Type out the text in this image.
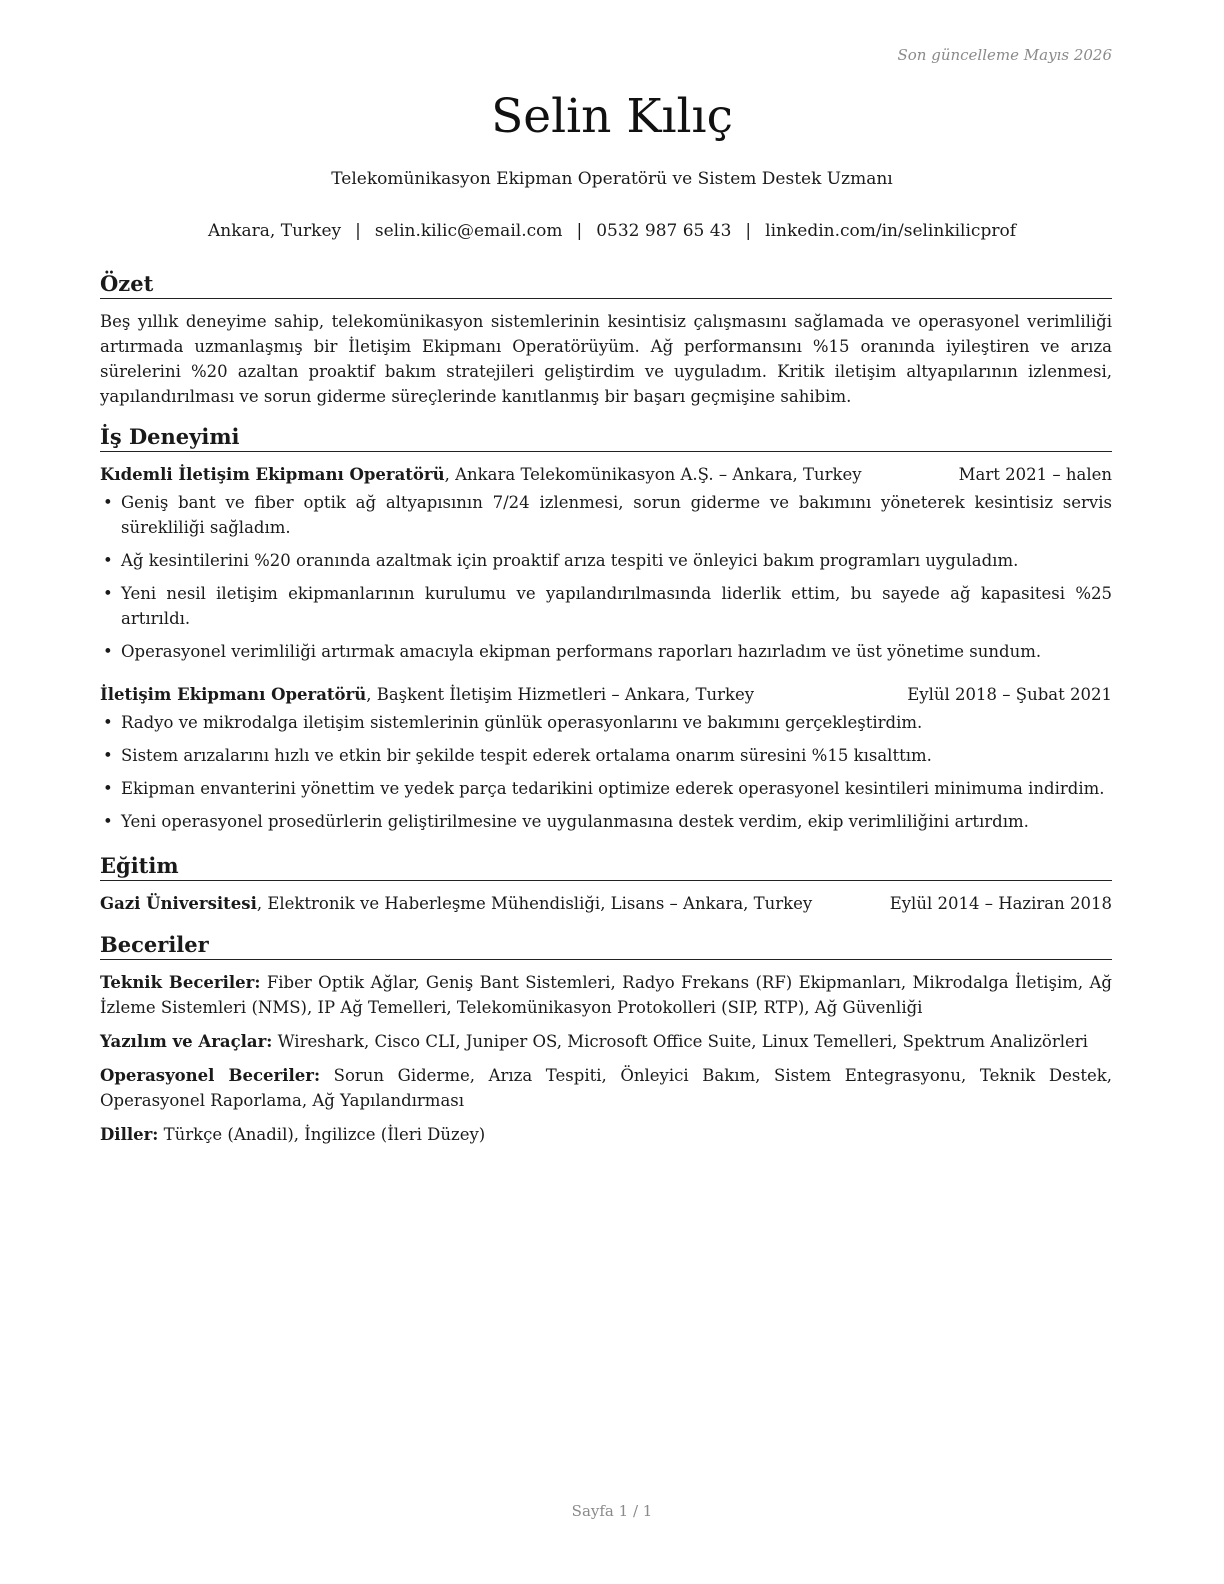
Son güncelleme Mayıs 2026
Selin Kılıç
Telekomünikasyon Ekipman Operatörü ve Sistem Destek Uzmanı
Ankara, Turkey | selin.kilic@email.com | 0532 987 65 43 | linkedin.com/in/selinkilicprof
Özet

Beş yıllık deneyime sahip, telekomünikasyon sistemlerinin kesintisiz çalışmasını sağlamada ve operasyonel verimliliği artırmada uzmanlaşmış bir İletişim Ekipmanı Operatörüyüm. Ağ performansını %15 oranında iyileştiren ve arıza sürelerini %20 azaltan proaktif bakım stratejileri geliştirdim ve uyguladım. Kritik iletişim altyapılarının izlenmesi, yapılandırılması ve sorun giderme süreçlerinde kanıtlanmış bir başarı geçmişine sahibim.

İş Deneyimi
Kıdemli İletişim Ekipmanı Operatörü, Ankara Telekomünikasyon A.Ş. – Ankara, Turkey	Mart 2021 – halen
• Geniş bant ve fiber optik ağ altyapısının 7/24 izlenmesi, sorun giderme ve bakımını yöneterek kesintisiz servis sürekliliği sağladım.
• Ağ kesintilerini %20 oranında azaltmak için proaktif arıza tespiti ve önleyici bakım programları uyguladım.
• Yeni nesil iletişim ekipmanlarının kurulumu ve yapılandırılmasında liderlik ettim, bu sayede ağ kapasitesi %25 artırıldı.
• Operasyonel verimliliği artırmak amacıyla ekipman performans raporları hazırladım ve üst yönetime sundum.
İletişim Ekipmanı Operatörü, Başkent İletişim Hizmetleri – Ankara, Turkey	Eylül 2018 – Şubat 2021
• Radyo ve mikrodalga iletişim sistemlerinin günlük operasyonlarını ve bakımını gerçekleştirdim.
• Sistem arızalarını hızlı ve etkin bir şekilde tespit ederek ortalama onarım süresini %15 kısalttım.
• Ekipman envanterini yönettim ve yedek parça tedarikini optimize ederek operasyonel kesintileri minimuma indirdim.
• Yeni operasyonel prosedürlerin geliştirilmesine ve uygulanmasına destek verdim, ekip verimliliğini artırdım.
Eğitim
Gazi Üniversitesi, Elektronik ve Haberleşme Mühendisliği, Lisans – Ankara, Turkey	Eylül 2014 – Haziran 2018
Beceriler

Teknik Beceriler: Fiber Optik Ağlar, Geniş Bant Sistemleri, Radyo Frekans (RF) Ekipmanları, Mikrodalga İletişim, Ağ İzleme Sistemleri (NMS), IP Ağ Temelleri, Telekomünikasyon Protokolleri (SIP, RTP), Ağ Güvenliği

Yazılım ve Araçlar: Wireshark, Cisco CLI, Juniper OS, Microsoft Office Suite, Linux Temelleri, Spektrum Analizörleri

Operasyonel Beceriler: Sorun Giderme, Arıza Tespiti, Önleyici Bakım, Sistem Entegrasyonu, Teknik Destek, Operasyonel Raporlama, Ağ Yapılandırması

Diller: Türkçe (Anadil), İngilizce (İleri Düzey)

Sayfa 1 / 1
